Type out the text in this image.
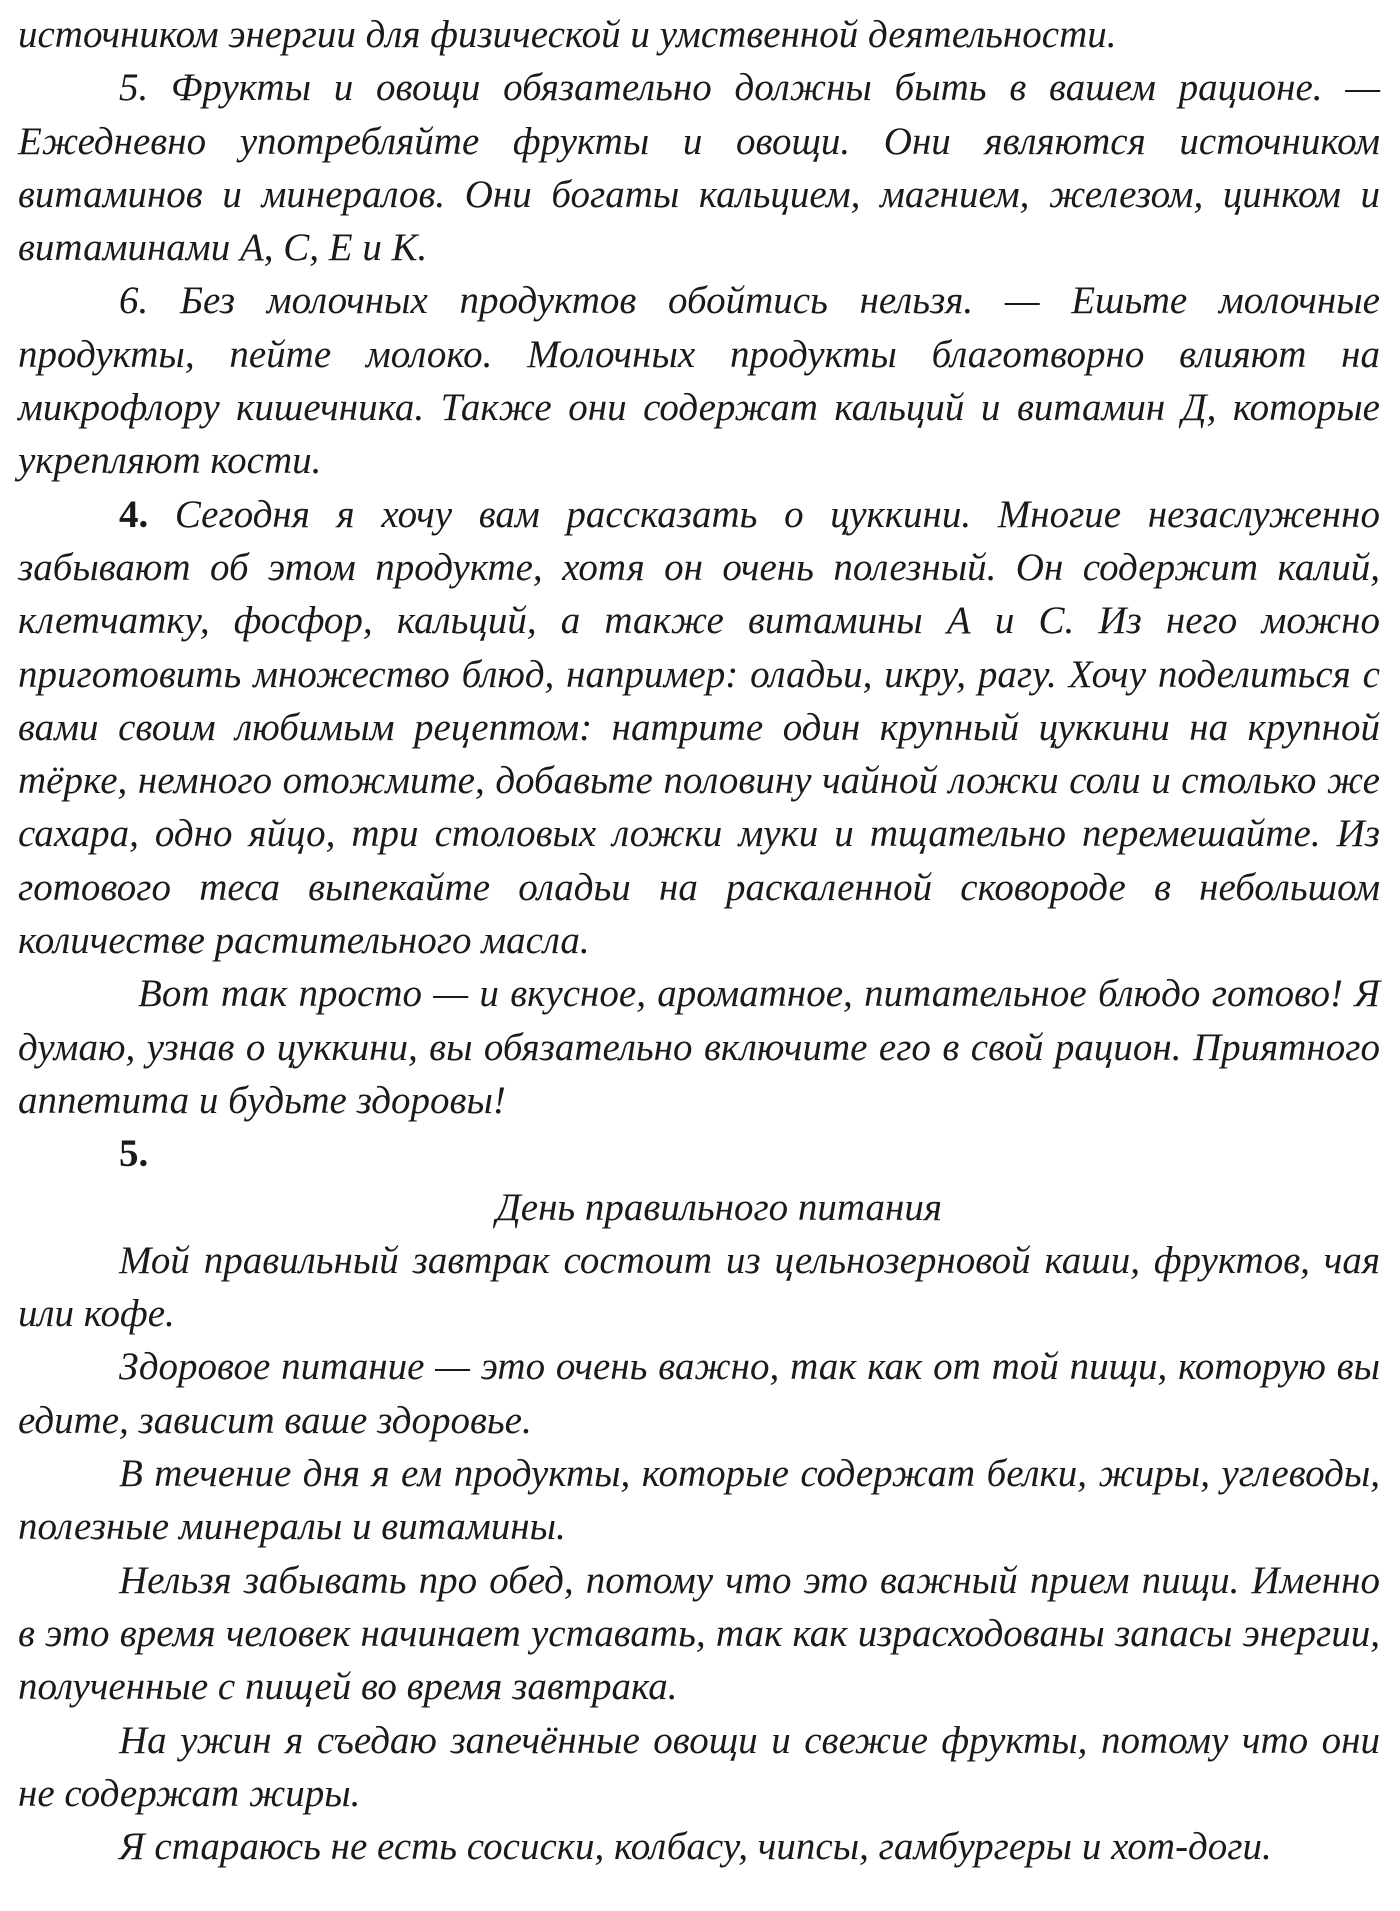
источником энергии для физической и умственной деятельности.

5. Фрукты и овощи обязательно должны быть в вашем рационе. — Ежедневно употребляйте фрукты и овощи. Они являются источником витаминов и минералов. Они богаты кальцием, магнием, железом, цинком и витаминами А, С, Е и К.

6. Без молочных продуктов обойтись нельзя. — Ешьте молочные продукты, пейте молоко. Молочных продукты благотворно влияют на микрофлору кишечника. Также они содержат кальций и витамин Д, которые укрепляют кости.

4. Сегодня я хочу вам рассказать о цуккини. Многие незаслуженно забывают об этом продукте, хотя он очень полезный. Он содержит калий, клетчатку, фосфор, кальций, а также витамины А и С. Из него можно приготовить множество блюд, например: оладьи, икру, рагу. Хочу поделиться с вами своим любимым рецептом: натрите один крупный цуккини на крупной тёрке, немного отожмите, добавьте половину чайной ложки соли и столько же сахара, одно яйцо, три столовых ложки муки и тщательно перемешайте. Из готового теса выпекайте оладьи на раскаленной сковороде в небольшом количестве растительного масла.

Вот так просто — и вкусное, ароматное, питательное блюдо готово! Я думаю, узнав о цуккини, вы обязательно включите его в свой рацион. Приятного аппетита и будьте здоровы!

5.

День правильного питания

Мой правильный завтрак состоит из цельнозерновой каши, фруктов, чая или кофе.

Здоровое питание — это очень важно, так как от той пищи, которую вы едите, зависит ваше здоровье.

В течение дня я ем продукты, которые содержат белки, жиры, углеводы, полезные минералы и витамины.

Нельзя забывать про обед, потому что это важный прием пищи. Именно в это время человек начинает уставать, так как израсходованы запасы энергии, полученные с пищей во время завтрака.

На ужин я съедаю запечённые овощи и свежие фрукты, потому что они не содержат жиры.

Я стараюсь не есть сосиски, колбасу, чипсы, гамбургеры и хот-доги.
